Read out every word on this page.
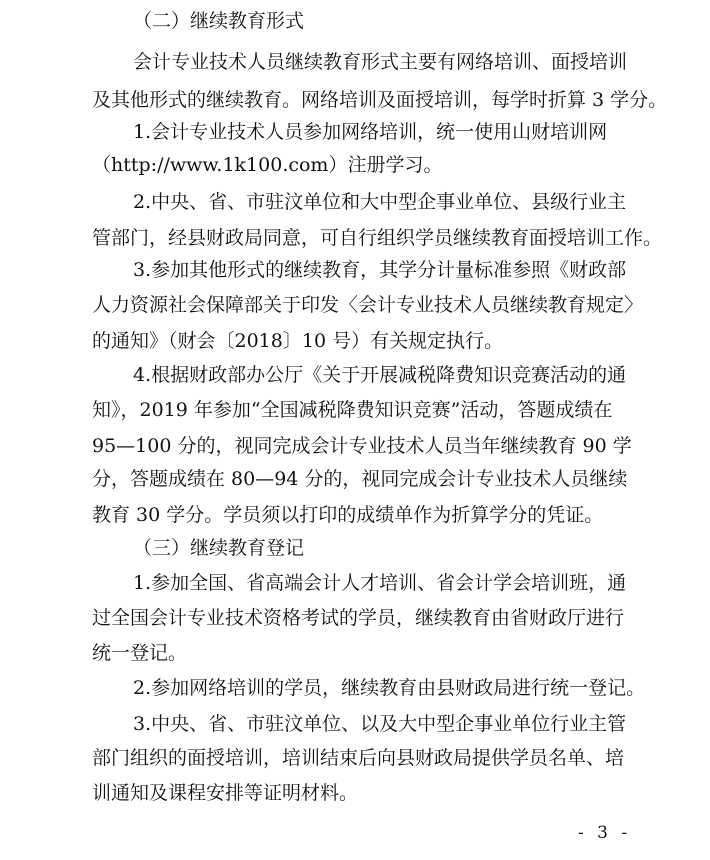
（二）继续教育形式
会计专业技术人员继续教育形式主要有网络培训、面授培训
及其他形式的继续教育。网络培训及面授培训，每学时折算 3 学分。
1.会计专业技术人员参加网络培训，统一使用山财培训网
（http://www.1k100.com）注册学习。
2.中央、省、市驻汶单位和大中型企事业单位、县级行业主
管部门，经县财政局同意，可自行组织学员继续教育面授培训工作。
3.参加其他形式的继续教育，其学分计量标准参照《财政部
人力资源社会保障部关于印发〈会计专业技术人员继续教育规定〉
的通知》（财会〔2018〕10 号）有关规定执行。
4.根据财政部办公厅《关于开展减税降费知识竞赛活动的通
知》，2019 年参加“全国减税降费知识竞赛”活动，答题成绩在
95—100 分的，视同完成会计专业技术人员当年继续教育 90 学
分，答题成绩在 80—94 分的，视同完成会计专业技术人员继续
教育 30 学分。学员须以打印的成绩单作为折算学分的凭证。
（三）继续教育登记
1.参加全国、省高端会计人才培训、省会计学会培训班，通
过全国会计专业技术资格考试的学员，继续教育由省财政厅进行
统一登记。
2.参加网络培训的学员，继续教育由县财政局进行统一登记。
3.中央、省、市驻汶单位、以及大中型企事业单位行业主管
部门组织的面授培训，培训结束后向县财政局提供学员名单、培
训通知及课程安排等证明材料。
- 3 -
